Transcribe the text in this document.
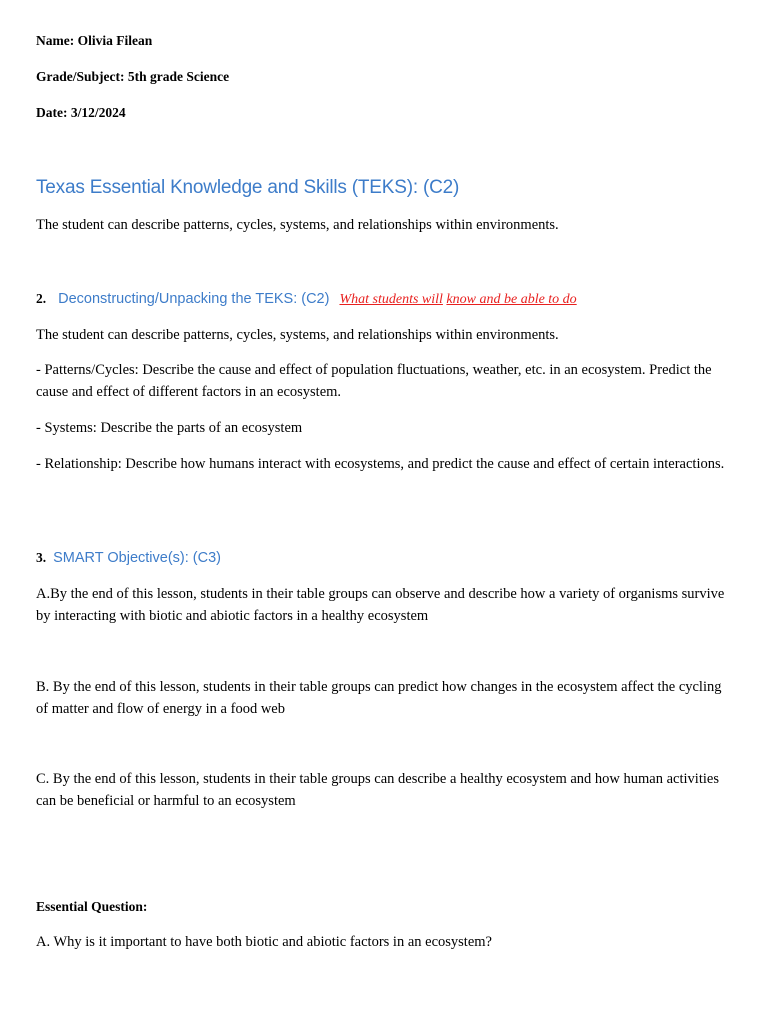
Name: Olivia Filean

Grade/Subject: 5th grade Science

Date: 3/12/2024

Texas Essential Knowledge and Skills (TEKS): (C2)

The student can describe patterns, cycles, systems, and relationships within environments.

2. Deconstructing/Unpacking the TEKS: (C2) What students will know and be able to do

The student can describe patterns, cycles, systems, and relationships within environments.

- Patterns/Cycles: Describe the cause and effect of population fluctuations, weather, etc. in an ecosystem. Predict the cause and effect of different factors in an ecosystem.

- Systems: Describe the parts of an ecosystem

- Relationship: Describe how humans interact with ecosystems, and predict the cause and effect of certain interactions.

3. SMART Objective(s): (C3)

A.By the end of this lesson, students in their table groups can observe and describe how a variety of organisms survive by interacting with biotic and abiotic factors in a healthy ecosystem

B. By the end of this lesson, students in their table groups can predict how changes in the ecosystem affect the cycling of matter and flow of energy in a food web

C. By the end of this lesson, students in their table groups can describe a healthy ecosystem and how human activities can be beneficial or harmful to an ecosystem

Essential Question:

A. Why is it important to have both biotic and abiotic factors in an ecosystem?
